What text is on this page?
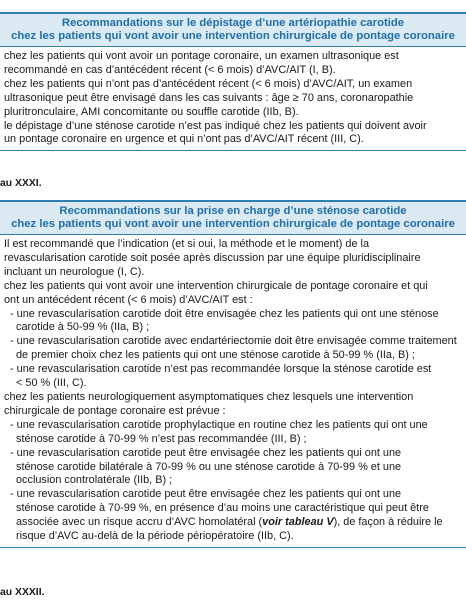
Recommandations sur le dépistage d’une artériopathie carotide
chez les patients qui vont avoir une intervention chirurgicale de pontage coronaire
chez les patients qui vont avoir un pontage coronaire, un examen ultrasonique est
recommandé en cas d’antécédent récent (< 6 mois) d’AVC/AIT (I, B).
chez les patients qui n’ont pas d’antécédent récent (< 6 mois) d’AVC/AIT, un examen
ultrasonique peut être envisagé dans les cas suivants : âge ≥ 70 ans, coronaropathie
pluritronculaire, AMI concomitante ou souffle carotide (IIb, B).
le dépistage d’une sténose carotide n’est pas indiqué chez les patients qui doivent avoir
un pontage coronaire en urgence et qui n’ont pas d’AVC/AIT récent (III, C).
au XXXI.
Recommandations sur la prise en charge d’une sténose carotide
chez les patients qui vont avoir une intervention chirurgicale de pontage coronaire
Il est recommandé que l’indication (et si oui, la méthode et le moment) de la
revascularisation carotide soit posée après discussion par une équipe pluridisciplinaire
incluant un neurologue (I, C).
chez les patients qui vont avoir une intervention chirurgicale de pontage coronaire et qui
ont un antécédent récent (< 6 mois) d’AVC/AIT est :
- une revascularisation carotide doit être envisagée chez les patients qui ont une sténose
carotide à 50-99 % (IIa, B) ;
- une revascularisation carotide avec endartériectomie doit être envisagée comme traitement
de premier choix chez les patients qui ont une sténose carotide à 50-99 % (IIa, B) ;
- une revascularisation carotide n’est pas recommandée lorsque la sténose carotide est
< 50 % (III, C).
chez les patients neurologiquement asymptomatiques chez lesquels une intervention
chirurgicale de pontage coronaire est prévue :
- une revascularisation carotide prophylactique en routine chez les patients qui ont une
sténose carotide à 70-99 % n’est pas recommandée (III, B) ;
- une revascularisation carotide peut être envisagée chez les patients qui ont une
sténose carotide bilatérale à 70-99 % ou une sténose carotide à 70-99 % et une
occlusion controlatérale (IIb, B) ;
- une revascularisation carotide peut être envisagée chez les patients qui ont une
sténose carotide à 70-99 %, en présence d’au moins une caractéristique qui peut être
associée avec un risque accru d’AVC homolatéral (voir tableau V), de façon à réduire le
risque d’AVC au-delà de la période périopératoire (IIb, C).
au XXXII.
